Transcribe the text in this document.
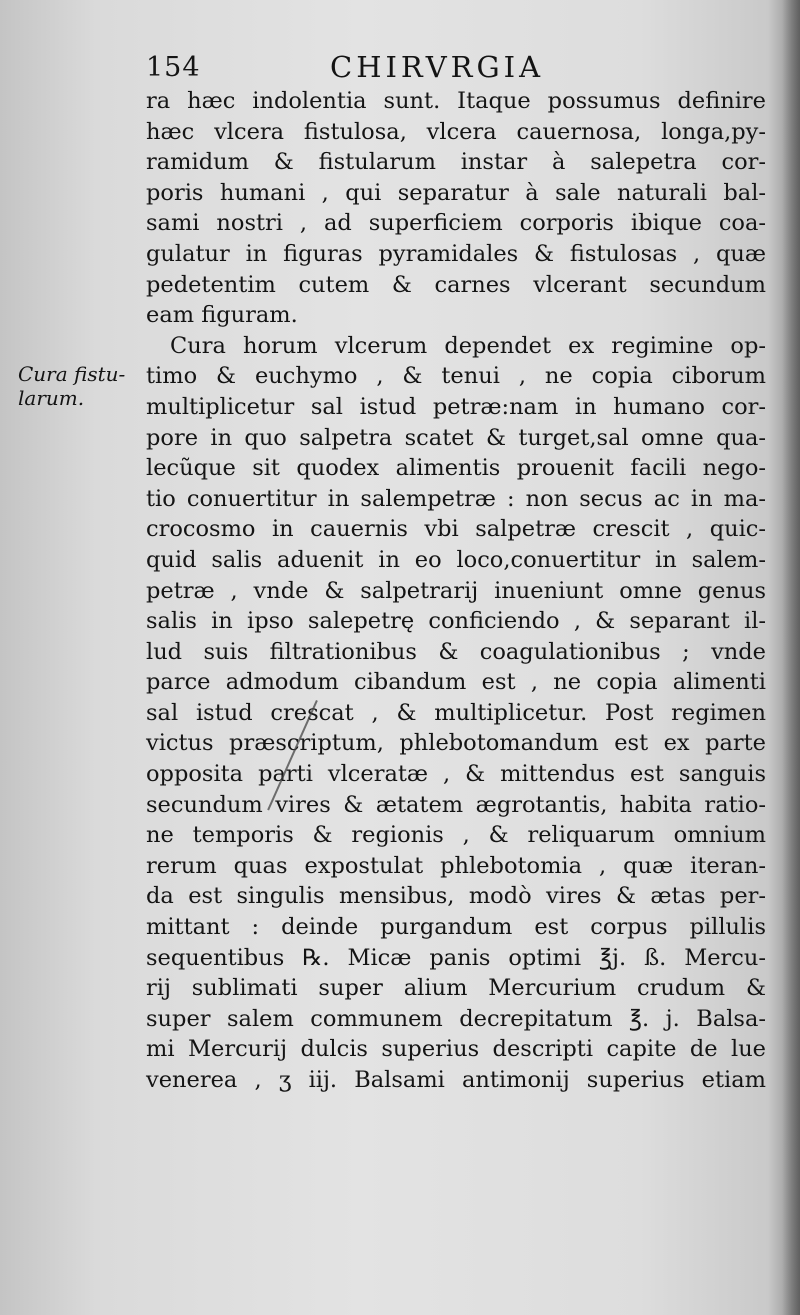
154	CHIRVRGIA
Cura fistu-
larum.
ra hæc indolentia sunt. Itaque possumus definire
hæc vlcera fistulosa, vlcera cauernosa, longa,py-
ramidum & fistularum instar à salepetra cor-
poris humani , qui separatur à sale naturali bal-
sami nostri , ad superficiem corporis ibique coa-
gulatur in figuras pyramidales & fistulosas , quæ
pedetentim cutem & carnes vlcerant secundum
eam figuram.
Cura horum vlcerum dependet ex regimine op-
timo & euchymo , & tenui , ne copia ciborum
multiplicetur sal istud petræ:nam in humano cor-
pore in quo salpetra scatet & turget,sal omne qua-
lecũque sit quodex alimentis prouenit facili nego-
tio conuertitur in salempetræ : non secus ac in ma-
crocosmo in cauernis vbi salpetræ crescit , quic-
quid salis aduenit in eo loco,conuertitur in salem-
petræ , vnde & salpetrarij inueniunt omne genus
salis in ipso salepetrę conficiendo , & separant il-
lud suis filtrationibus & coagulationibus ; vnde
parce admodum cibandum est , ne copia alimenti
sal istud crescat , & multiplicetur. Post regimen
victus præscriptum, phlebotomandum est ex parte
opposita parti vlceratæ , & mittendus est sanguis
secundum vires & ætatem ægrotantis, habita ratio-
ne temporis & regionis , & reliquarum omnium
rerum quas expostulat phlebotomia , quæ iteran-
da est singulis mensibus, modò vires & ætas per-
mittant : deinde purgandum est corpus pillulis
sequentibus ℞. Micæ panis optimi ℥j. ß. Mercu-
rij sublimati super alium Mercurium crudum &
super salem communem decrepitatum ℥. j. Balsa-
mi Mercurij dulcis superius descripti capite de lue
venerea , ʒ iij. Balsami antimonij superius etiam
